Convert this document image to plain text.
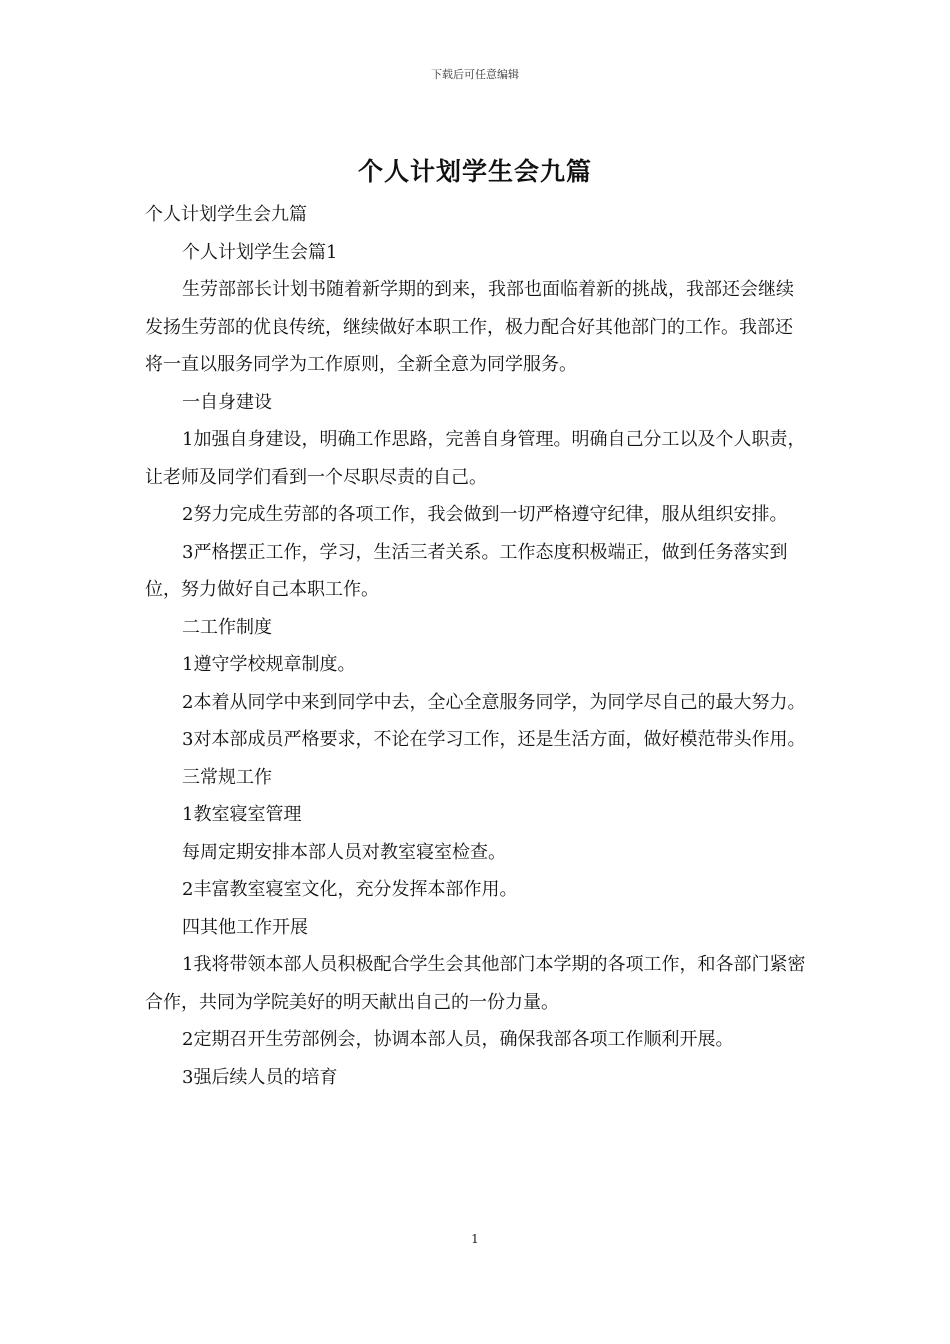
下载后可任意编辑
个人计划学生会九篇

个人计划学生会九篇

个人计划学生会篇1

生劳部部长计划书随着新学期的到来，我部也面临着新的挑战，我部还会继续发扬生劳部的优良传统，继续做好本职工作，极力配合好其他部门的工作。我部还将一直以服务同学为工作原则，全新全意为同学服务。

一自身建设

1加强自身建设，明确工作思路，完善自身管理。明确自己分工以及个人职责，让老师及同学们看到一个尽职尽责的自己。

2努力完成生劳部的各项工作，我会做到一切严格遵守纪律，服从组织安排。

3严格摆正工作，学习，生活三者关系。工作态度积极端正，做到任务落实到位，努力做好自己本职工作。

二工作制度

1遵守学校规章制度。

2本着从同学中来到同学中去，全心全意服务同学，为同学尽自己的最大努力。

3对本部成员严格要求，不论在学习工作，还是生活方面，做好模范带头作用。

三常规工作

1教室寝室管理

每周定期安排本部人员对教室寝室检查。

2丰富教室寝室文化，充分发挥本部作用。

四其他工作开展

1我将带领本部人员积极配合学生会其他部门本学期的各项工作，和各部门紧密合作，共同为学院美好的明天献出自己的一份力量。

2定期召开生劳部例会，协调本部人员，确保我部各项工作顺利开展。

3强后续人员的培育

1
